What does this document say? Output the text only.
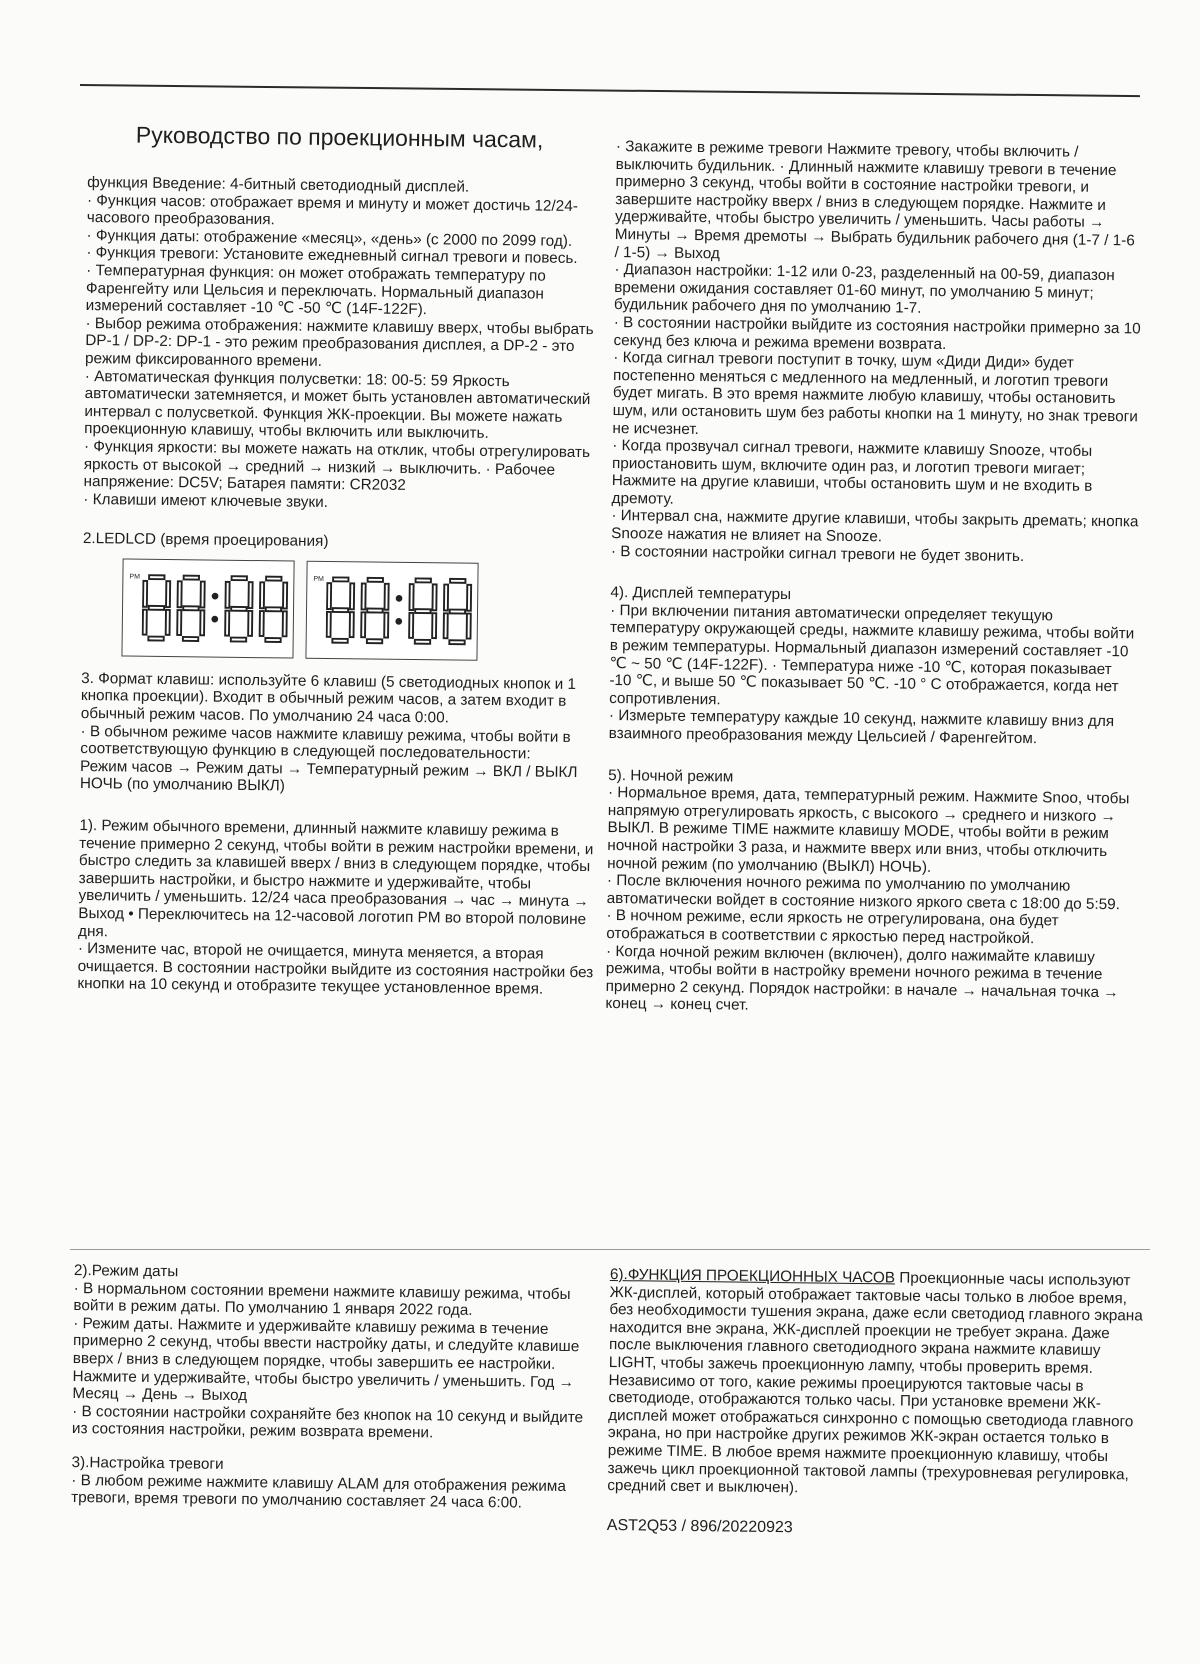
Руководство по проекционным часам,

функция Введение: 4-битный светодиодный дисплей.

· Функция часов: отображает время и минуту и может достичь 12/24-часового преобразования.

· Функция даты: отображение «месяц», «день» (с 2000 по 2099 год).

· Функция тревоги: Установите ежедневный сигнал тревоги и повесь.

· Температурная функция: он может отображать температуру по Фаренгейту или Цельсия и переключать. Нормальный диапазон измерений составляет -10 ℃ -50 ℃ (14F-122F).

· Выбор режима отображения: нажмите клавишу вверх, чтобы выбрать DP-1 / DP-2: DP-1 - это режим преобразования дисплея, а DP-2 - это режим фиксированного времени.

· Автоматическая функция полусветки: 18: 00-5: 59 Яркость автоматически затемняется, и может быть установлен автоматический интервал с полусветкой. Функция ЖК-проекции. Вы можете нажать проекционную клавишу, чтобы включить или выключить.

· Функция яркости: вы можете нажать на отклик, чтобы отрегулировать яркость от высокой → средний → низкий → выключить. · Рабочее напряжение: DC5V; Батарея памяти: CR2032

· Клавиши имеют ключевые звуки.

2.LEDLCD (время проецирования)

PM	PM

3. Формат клавиш: используйте 6 клавиш (5 светодиодных кнопок и 1 кнопка проекции). Входит в обычный режим часов, а затем входит в обычный режим часов. По умолчанию 24 часа 0:00.

· В обычном режиме часов нажмите клавишу режима, чтобы войти в соответствующую функцию в следующей последовательности:

Режим часов → Режим даты → Температурный режим → ВКЛ / ВЫКЛ НОЧЬ (по умолчанию ВЫКЛ)

1). Режим обычного времени, длинный нажмите клавишу режима в течение примерно 2 секунд, чтобы войти в режим настройки времени, и быстро следить за клавишей вверх / вниз в следующем порядке, чтобы завершить настройки, и быстро нажмите и удерживайте, чтобы увеличить / уменьшить. 12/24 часа преобразования → час → минута → Выход • Переключитесь на 12-часовой логотип PM во второй половине дня.

· Измените час, второй не очищается, минута меняется, а вторая очищается. В состоянии настройки выйдите из состояния настройки без кнопки на 10 секунд и отобразите текущее установленное время.

2).Режим даты

· В нормальном состоянии времени нажмите клавишу режима, чтобы войти в режим даты. По умолчанию 1 января 2022 года.

· Режим даты. Нажмите и удерживайте клавишу режима в течение примерно 2 секунд, чтобы ввести настройку даты, и следуйте клавише вверх / вниз в следующем порядке, чтобы завершить ее настройки. Нажмите и удерживайте, чтобы быстро увеличить / уменьшить. Год → Месяц → День → Выход

· В состоянии настройки сохраняйте без кнопок на 10 секунд и выйдите из состояния настройки, режим возврата времени.

3).Настройка тревоги

· В любом режиме нажмите клавишу ALAM для отображения режима тревоги, время тревоги по умолчанию составляет 24 часа 6:00.

· Закажите в режиме тревоги Нажмите тревогу, чтобы включить / выключить будильник. · Длинный нажмите клавишу тревоги в течение примерно 3 секунд, чтобы войти в состояние настройки тревоги, и завершите настройку вверх / вниз в следующем порядке. Нажмите и удерживайте, чтобы быстро увеличить / уменьшить. Часы работы → Минуты → Время дремоты → Выбрать будильник рабочего дня (1-7 / 1-6 / 1-5) → Выход

· Диапазон настройки: 1-12 или 0-23, разделенный на 00-59, диапазон времени ожидания составляет 01-60 минут, по умолчанию 5 минут; будильник рабочего дня по умолчанию 1-7.

· В состоянии настройки выйдите из состояния настройки примерно за 10 секунд без ключа и режима времени возврата.

· Когда сигнал тревоги поступит в точку, шум «Диди Диди» будет постепенно меняться с медленного на медленный, и логотип тревоги будет мигать. В это время нажмите любую клавишу, чтобы остановить шум, или остановить шум без работы кнопки на 1 минуту, но знак тревоги не исчезнет.

· Когда прозвучал сигнал тревоги, нажмите клавишу Snooze, чтобы приостановить шум, включите один раз, и логотип тревоги мигает; Нажмите на другие клавиши, чтобы остановить шум и не входить в дремоту.

· Интервал сна, нажмите другие клавиши, чтобы закрыть дремать; кнопка Snooze нажатия не влияет на Snooze.

· В состоянии настройки сигнал тревоги не будет звонить.

4). Дисплей температуры

· При включении питания автоматически определяет текущую температуру окружающей среды, нажмите клавишу режима, чтобы войти в режим температуры. Нормальный диапазон измерений составляет -10 ℃ ~ 50 ℃ (14F-122F). · Температура ниже -10 ℃, которая показывает -10 ℃, и выше 50 ℃ показывает 50 ℃. -10 ° C отображается, когда нет сопротивления.

· Измерьте температуру каждые 10 секунд, нажмите клавишу вниз для взаимного преобразования между Цельсией / Фаренгейтом.

5). Ночной режим

· Нормальное время, дата, температурный режим. Нажмите Snoo, чтобы напрямую отрегулировать яркость, с высокого → среднего и низкого → ВЫКЛ. В режиме TIME нажмите клавишу MODE, чтобы войти в режим ночной настройки 3 раза, и нажмите вверх или вниз, чтобы отключить ночной режим (по умолчанию (ВЫКЛ) НОЧЬ).

· После включения ночного режима по умолчанию по умолчанию автоматически войдет в состояние низкого яркого света с 18:00 до 5:59.

· В ночном режиме, если яркость не отрегулирована, она будет отображаться в соответствии с яркостью перед настройкой.

· Когда ночной режим включен (включен), долго нажимайте клавишу режима, чтобы войти в настройку времени ночного режима в течение примерно 2 секунд. Порядок настройки: в начале → начальная точка → конец → конец счет.

6).ФУНКЦИЯ ПРОЕКЦИОННЫХ ЧАСОВ Проекционные часы используют ЖК-дисплей, который отображает тактовые часы только в любое время, без необходимости тушения экрана, даже если светодиод главного экрана находится вне экрана, ЖК-дисплей проекции не требует экрана. Даже после выключения главного светодиодного экрана нажмите клавишу LIGHT, чтобы зажечь проекционную лампу, чтобы проверить время. Независимо от того, какие режимы проецируются тактовые часы в светодиоде, отображаются только часы. При установке времени ЖК-дисплей может отображаться синхронно с помощью светодиода главного экрана, но при настройке других режимов ЖК-экран остается только в режиме TIME. В любое время нажмите проекционную клавишу, чтобы зажечь цикл проекционной тактовой лампы (трехуровневая регулировка, средний свет и выключен).

AST2Q53 / 896/20220923
